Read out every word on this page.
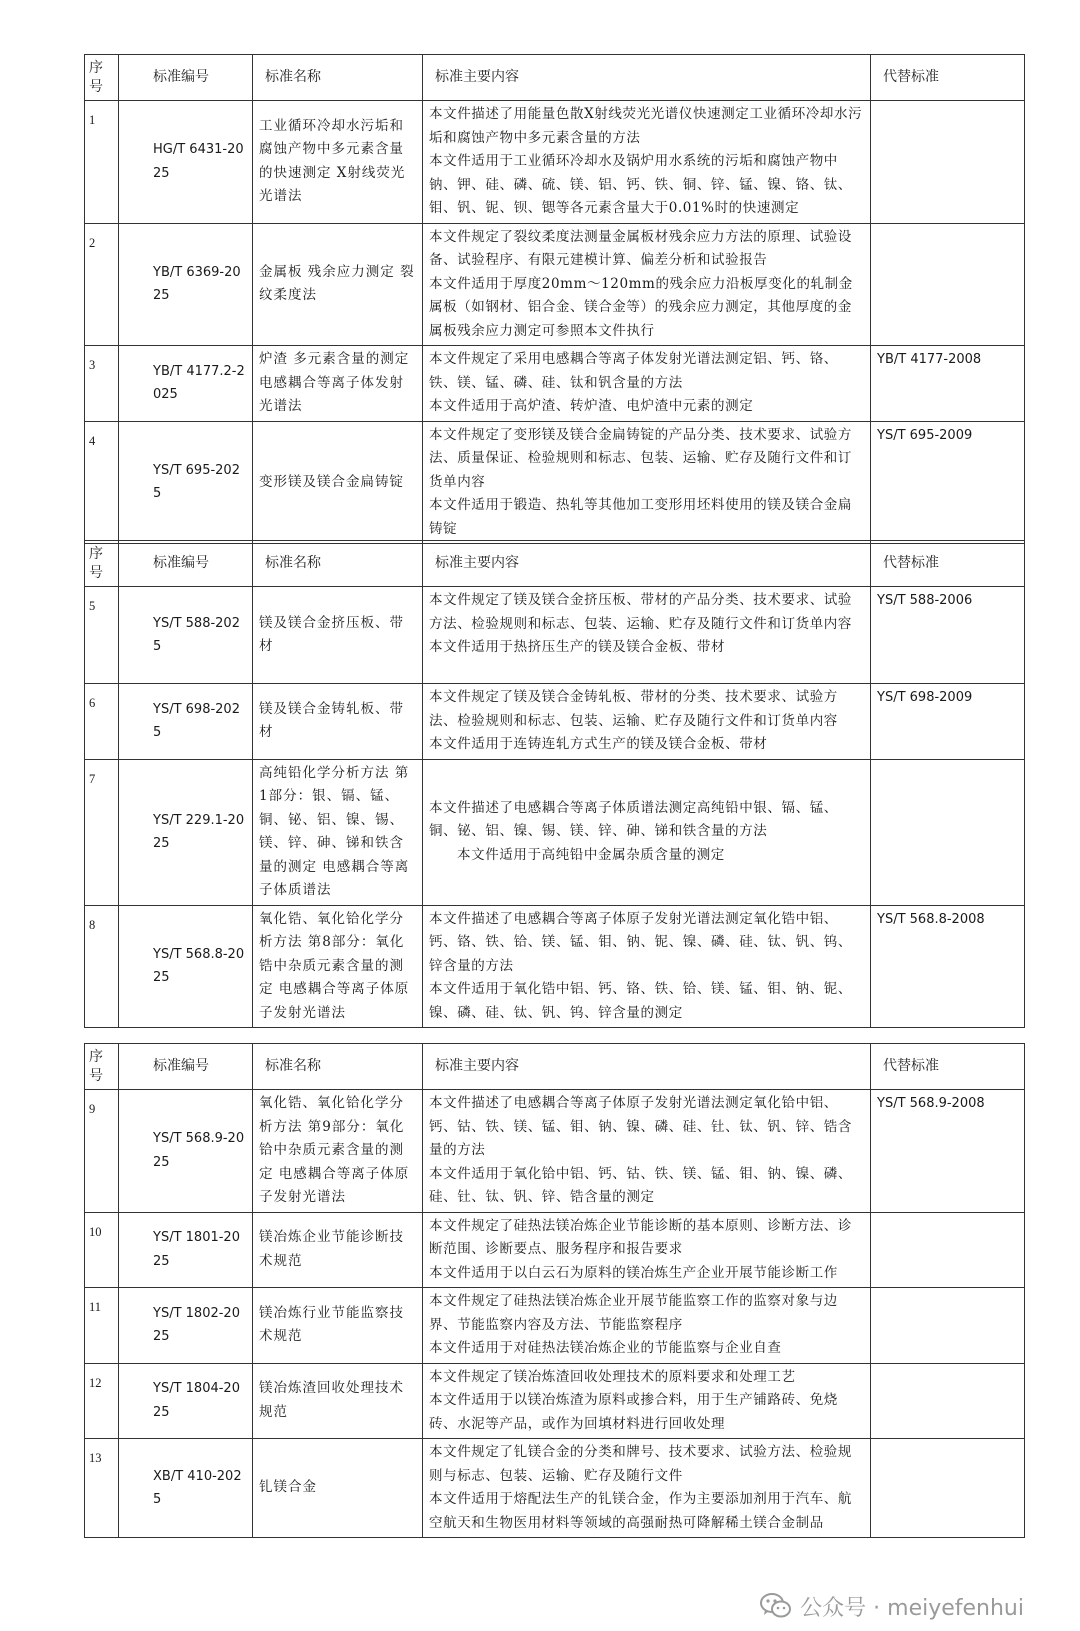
序号	标准编号	标准名称	标准主要内容	代替标准
1	HG/T 6431-2025	工业循环冷却水污垢和腐蚀产物中多元素含量的快速测定 X射线荧光光谱法	本文件描述了用能量色散X射线荧光光谱仪快速测定工业循环冷却水污垢和腐蚀产物中多元素含量的方法
本文件适用于工业循环冷却水及锅炉用水系统的污垢和腐蚀产物中钠、钾、硅、磷、硫、镁、铝、钙、铁、铜、锌、锰、镍、铬、钛、钼、钒、铌、钡、锶等各元素含量大于0.01%时的快速测定	

2	YB/T 6369-2025	金属板 残余应力测定 裂纹柔度法	本文件规定了裂纹柔度法测量金属板材残余应力方法的原理、试验设备、试验程序、有限元建模计算、偏差分析和试验报告
本文件适用于厚度20mm～120mm的残余应力沿板厚变化的轧制金属板（如钢材、铝合金、镁合金等）的残余应力测定，其他厚度的金属板残余应力测定可参照本文件执行	

3	YB/T 4177.2-2025	炉渣 多元素含量的测定 电感耦合等离子体发射光谱法	本文件规定了采用电感耦合等离子体发射光谱法测定铝、钙、铬、铁、镁、锰、磷、硅、钛和钒含量的方法
本文件适用于高炉渣、转炉渣、电炉渣中元素的测定	YB/T 4177-2008
4	YS/T 695-2025	变形镁及镁合金扁铸锭	本文件规定了变形镁及镁合金扁铸锭的产品分类、技术要求、试验方法、质量保证、检验规则和标志、包装、运输、贮存及随行文件和订货单内容
本文件适用于锻造、热轧等其他加工变形用坯料使用的镁及镁合金扁铸锭	YS/T 695-2009
序号	标准编号	标准名称	标准主要内容	代替标准
5	YS/T 588-2025	镁及镁合金挤压板、带材	本文件规定了镁及镁合金挤压板、带材的产品分类、技术要求、试验方法、检验规则和标志、包装、运输、贮存及随行文件和订货单内容
本文件适用于热挤压生产的镁及镁合金板、带材	YS/T 588-2006
6	YS/T 698-2025	镁及镁合金铸轧板、带材	本文件规定了镁及镁合金铸轧板、带材的分类、技术要求、试验方法、检验规则和标志、包装、运输、贮存及随行文件和订货单内容
本文件适用于连铸连轧方式生产的镁及镁合金板、带材	YS/T 698-2009
7	YS/T 229.1-2025	高纯铅化学分析方法 第1部分：银、镉、锰、铜、铋、铝、镍、锡、镁、锌、砷、锑和铁含量的测定 电感耦合等离子体质谱法	本文件描述了电感耦合等离子体质谱法测定高纯铅中银、镉、锰、铜、铋、铝、镍、锡、镁、锌、砷、锑和铁含量的方法
本文件适用于高纯铅中金属杂质含量的测定	

8	YS/T 568.8-2025	氧化锆、氧化铪化学分析方法 第8部分：氧化锆中杂质元素含量的测定 电感耦合等离子体原子发射光谱法	本文件描述了电感耦合等离子体原子发射光谱法测定氧化锆中铝、钙、铬、铁、铪、镁、锰、钼、钠、铌、镍、磷、硅、钛、钒、钨、锌含量的方法
本文件适用于氧化锆中铝、钙、铬、铁、铪、镁、锰、钼、钠、铌、镍、磷、硅、钛、钒、钨、锌含量的测定	YS/T 568.8-2008
序号	标准编号	标准名称	标准主要内容	代替标准
9	YS/T 568.9-2025	氧化锆、氧化铪化学分析方法 第9部分：氧化铪中杂质元素含量的测定 电感耦合等离子体原子发射光谱法	本文件描述了电感耦合等离子体原子发射光谱法测定氧化铪中铝、钙、钴、铁、镁、锰、钼、钠、镍、磷、硅、钍、钛、钒、锌、锆含量的方法
本文件适用于氧化铪中铝、钙、钴、铁、镁、锰、钼、钠、镍、磷、硅、钍、钛、钒、锌、锆含量的测定	YS/T 568.9-2008
10	YS/T 1801-2025	镁冶炼企业节能诊断技术规范	本文件规定了硅热法镁冶炼企业节能诊断的基本原则、诊断方法、诊断范围、诊断要点、服务程序和报告要求
本文件适用于以白云石为原料的镁冶炼生产企业开展节能诊断工作	

11	YS/T 1802-2025	镁冶炼行业节能监察技术规范	本文件规定了硅热法镁冶炼企业开展节能监察工作的监察对象与边界、节能监察内容及方法、节能监察程序
本文件适用于对硅热法镁冶炼企业的节能监察与企业自查	

12	YS/T 1804-2025	镁冶炼渣回收处理技术规范	本文件规定了镁冶炼渣回收处理技术的原料要求和处理工艺
本文件适用于以镁冶炼渣为原料或掺合料，用于生产铺路砖、免烧砖、水泥等产品，或作为回填材料进行回收处理	

13	XB/T 410-2025	钆镁合金	本文件规定了钆镁合金的分类和牌号、技术要求、试验方法、检验规则与标志、包装、运输、贮存及随行文件
本文件适用于熔配法生产的钆镁合金，作为主要添加剂用于汽车、航空航天和生物医用材料等领域的高强耐热可降解稀土镁合金制品	

公众号 · meiyefenhui
